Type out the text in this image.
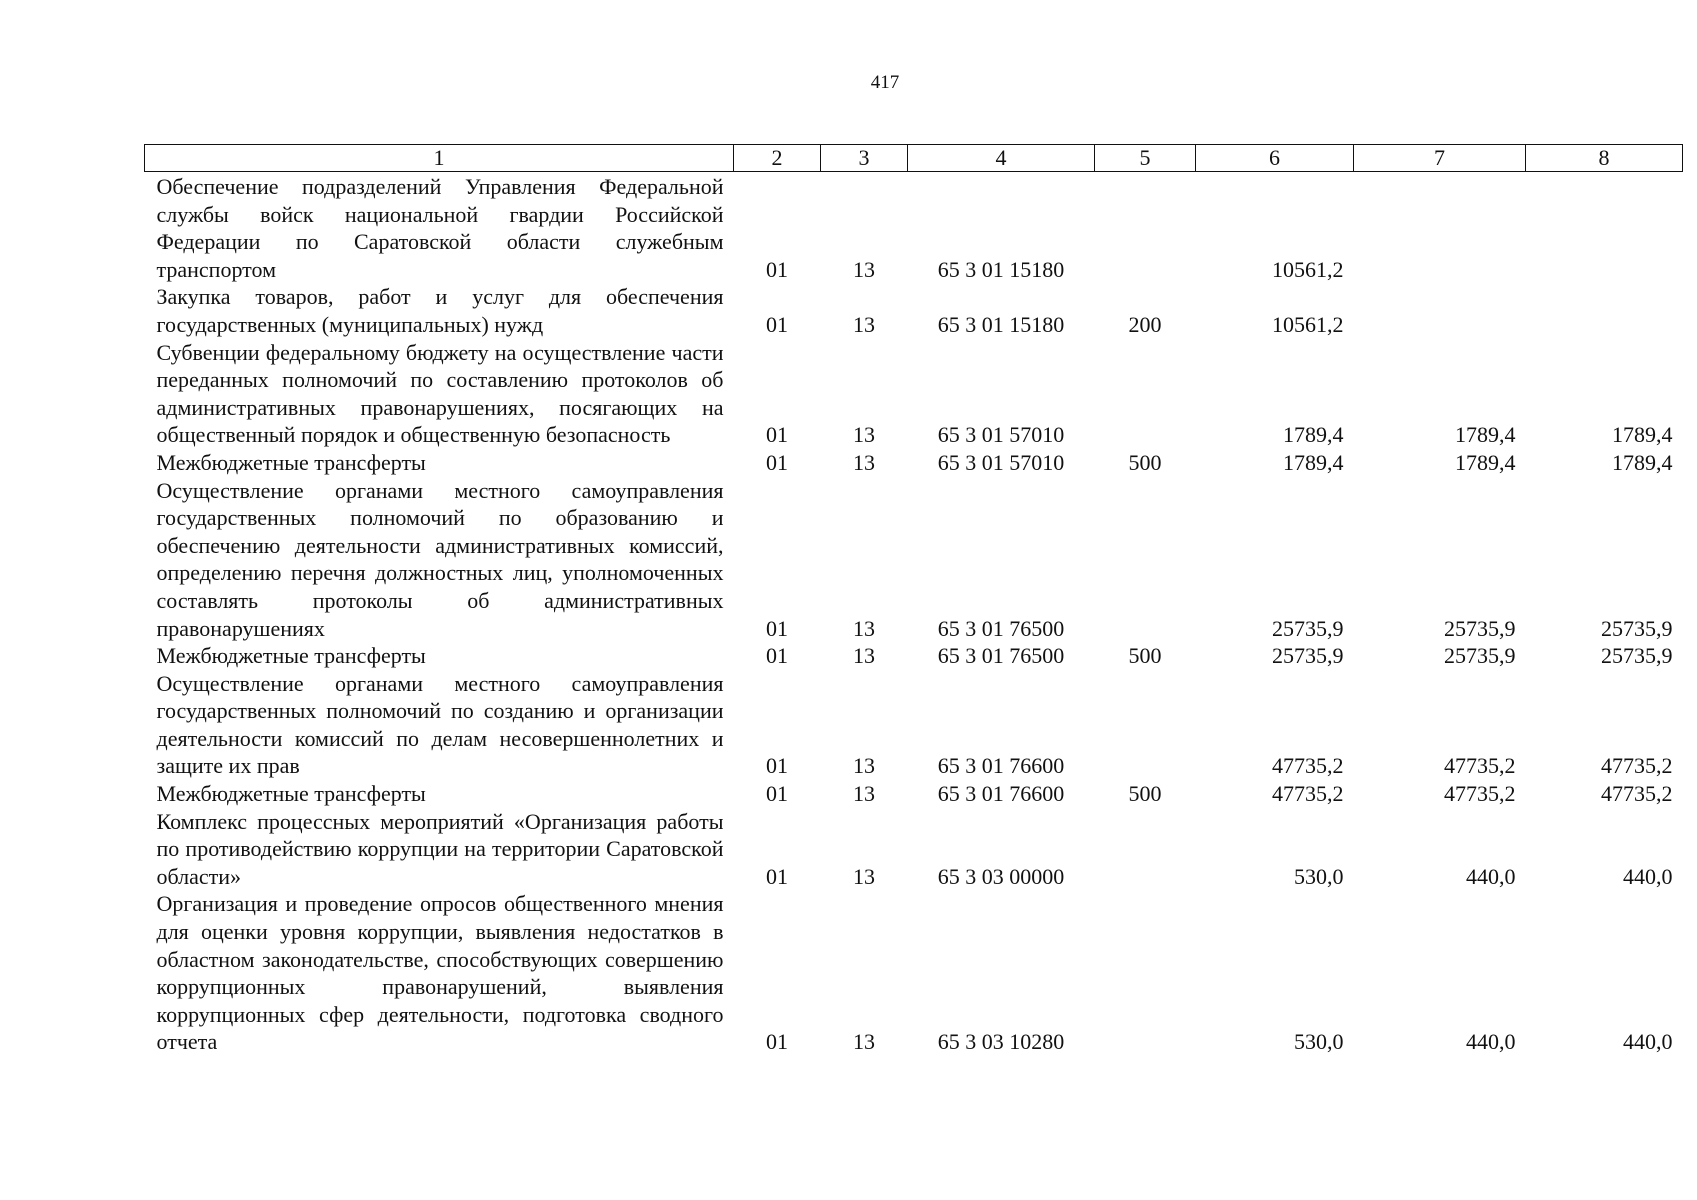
417
1	2	3	4	5	6	7	8
Обеспечение подразделений Управления Федеральной службы войск национальной гвардии Российской Федерации по Саратовской области служебным транспортом	01	13	65 3 01 15180		10561,2		
Закупка товаров, работ и услуг для обеспечения государственных (муниципальных) нужд	01	13	65 3 01 15180	200	10561,2		
Субвенции федеральному бюджету на осуществление части переданных полномочий по составлению протоколов об административных правонарушениях, посягающих на общественный порядок и общественную безопасность	01	13	65 3 01 57010		1789,4	1789,4	1789,4
Межбюджетные трансферты	01	13	65 3 01 57010	500	1789,4	1789,4	1789,4
Осуществление органами местного самоуправления государственных полномочий по образованию и обеспечению деятельности административных комиссий, определению перечня должностных лиц, уполномоченных составлять протоколы об административных правонарушениях	01	13	65 3 01 76500		25735,9	25735,9	25735,9
Межбюджетные трансферты	01	13	65 3 01 76500	500	25735,9	25735,9	25735,9
Осуществление органами местного самоуправления государственных полномочий по созданию и организации деятельности комиссий по делам несовершеннолетних и защите их прав	01	13	65 3 01 76600		47735,2	47735,2	47735,2
Межбюджетные трансферты	01	13	65 3 01 76600	500	47735,2	47735,2	47735,2
Комплекс процессных мероприятий «Организация работы по противодействию коррупции на территории Саратовской области»	01	13	65 3 03 00000		530,0	440,0	440,0
Организация и проведение опросов общественного мнения для оценки уровня коррупции, выявления недостатков в областном законодательстве, способствующих совершению коррупционных правонарушений, выявления коррупционных сфер деятельности, подготовка сводного отчета	01	13	65 3 03 10280		530,0	440,0	440,0
